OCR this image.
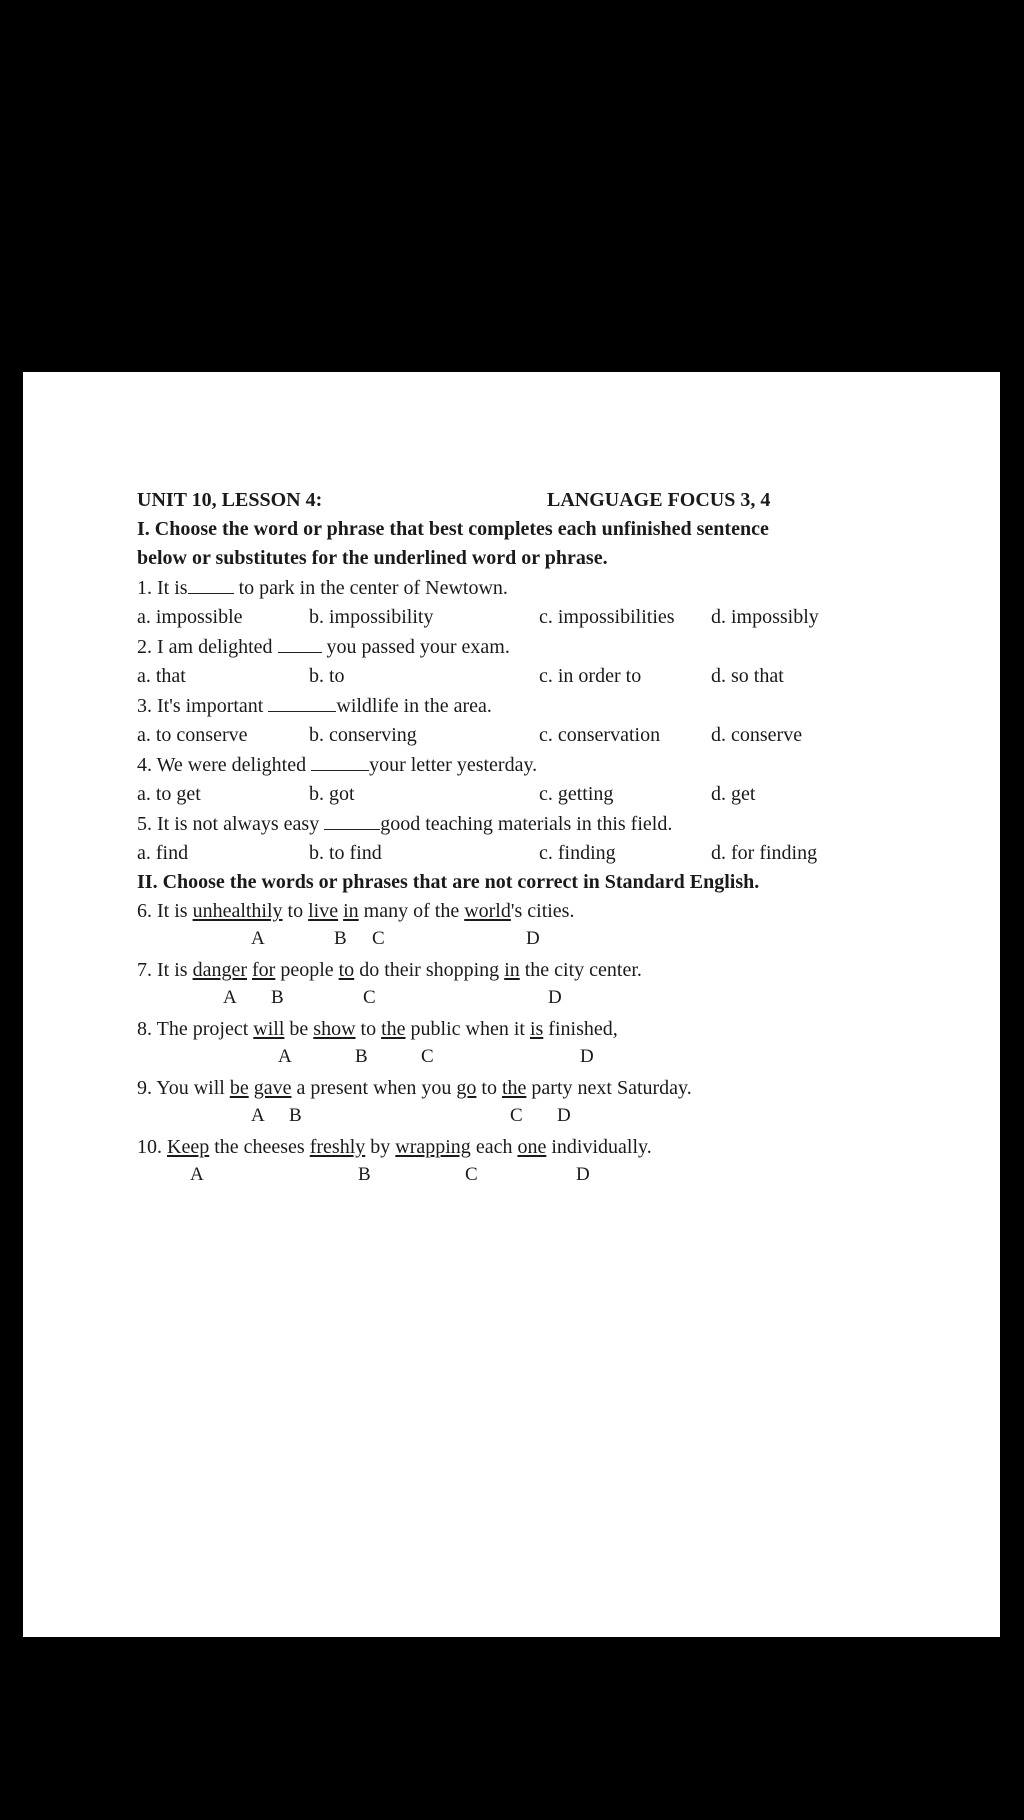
UNIT 10, LESSON 4:	LANGUAGE FOCUS 3, 4
I. Choose the word or phrase that best completes each unfinished sentence
below or substitutes for the underlined word or phrase.
1. It is to park in the center of Newtown.
a. impossible	b. impossibility	c. impossibilities d. impossibly
2. I am delighted  you passed your exam.
a. that	b. to	c. in order to	d. so that
3. It's important	wildlife in the area.
a. to conserve	b. conserving	c. conservation	d. conserve
4. We were delighted	your letter yesterday.
a. to get	b. got	c. getting	d. get
5. It is not always easy	good teaching materials in this field.
a. find	b. to find	c. finding	d. for finding
II. Choose the words or phrases that are not correct in Standard English.
6. It is unhealthily to live in many of the world's cities.
A	B C	D
7. It is danger for people to do their shopping in the city center.
A B	C	D
8. The project will be show to the public when it is finished,
A	B	C	D
9. You will be gave a present when you go to the party next Saturday.
A B	C D
10. Keep the cheeses freshly by wrapping each one individually.
A	B	C	D
